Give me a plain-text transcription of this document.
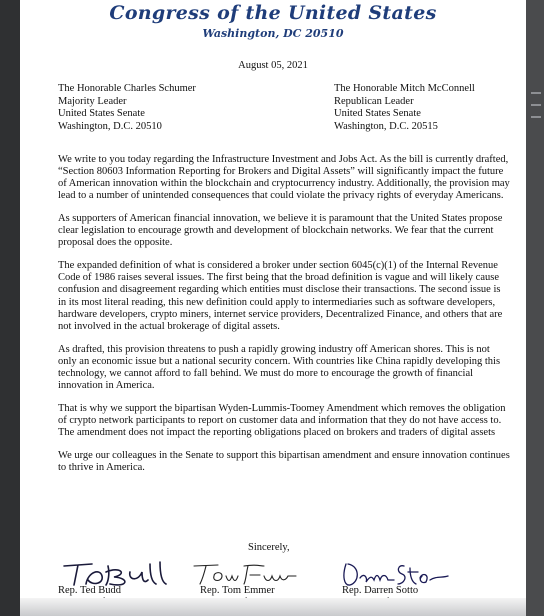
Congress of the United States
Washington, DC 20510
August 05, 2021
The Honorable Charles Schumer
Majority Leader
United States Senate
Washington, D.C. 20510
The Honorable Mitch McConnell
Republican Leader
United States Senate
Washington, D.C. 20515

We write to you today regarding the Infrastructure Investment and Jobs Act. As the bill is currently drafted, “Section 80603 Information Reporting for Brokers and Digital Assets” will significantly impact the future of American innovation within the blockchain and cryptocurrency industry. Additionally, the provision may lead to a number of unintended consequences that could violate the privacy rights of everyday Americans.

As supporters of American financial innovation, we believe it is paramount that the United States propose clear legislation to encourage growth and development of blockchain networks. We fear that the current proposal does the opposite.

The expanded definition of what is considered a broker under section 6045(c)(1) of the Internal Revenue Code of 1986 raises several issues. The first being that the broad definition is vague and will likely cause confusion and disagreement regarding which entities must disclose their transactions. The second issue is in its most literal reading, this new definition could apply to intermediaries such as software developers, hardware developers, crypto miners, internet service providers, Decentralized Finance, and others that are not involved in the actual brokerage of digital assets.

As drafted, this provision threatens to push a rapidly growing industry off American shores. This is not only an economic issue but a national security concern. With countries like China rapidly developing this technology, we cannot afford to fall behind. We must do more to encourage the growth of financial innovation in America.

That is why we support the bipartisan Wyden-Lummis-Toomey Amendment which removes the obligation of crypto network participants to report on customer data and information that they do not have access to. The amendment does not impact the reporting obligations placed on brokers and traders of digital assets

We urge our colleagues in the Senate to support this bipartisan amendment and ensure innovation continues to thrive in America.

Sincerely,
Rep. Ted Budd	Rep. Tom Emmer	Rep. Darren Sotto
